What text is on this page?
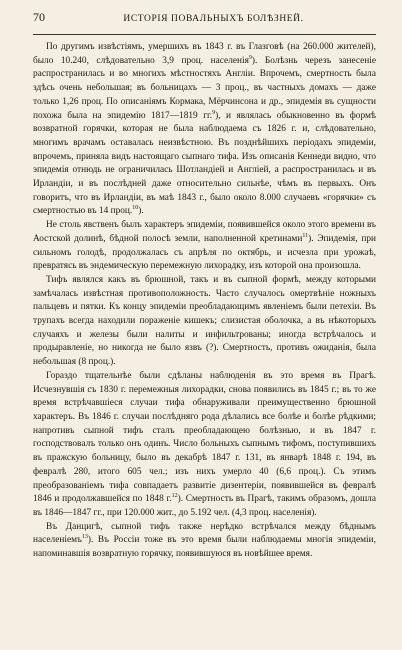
70	ИСТОРІЯ ПОВАЛЬНЫХЪ БОЛѢЗНЕЙ.

По другимъ извѣстіямъ, умершихъ въ 1843 г. въ Глазговѣ (на 260.000 жителей), было 10.240, слѣдовательно 3,9 проц. населенія$^9$). Болѣзнь черезъ занесеніе распространилась и во многихъ мѣстностяхъ Англіи. Впрочемъ, смертность была здѣсь очень небольшая; въ больницахъ — 3 проц., въ частныхъ домахъ — даже только 1,26 проц. По описаніямъ Кормака, Мёрчинсона и др., эпидемія въ сущности похожа была на эпидемію 1817—1819 гг.$^9$), и являлась обыкновенно въ формѣ возвратной горячки, которая не была наблюдаема съ 1826 г. и, слѣдовательно, многимъ врачамъ оставалась неизвѣстною. Въ позднѣйшихъ періодахъ эпидеміи, впрочемъ, приняла видъ настоящаго сыпнаго тифа. Изъ описанія Кеннеди видно, что эпидемія отнюдь не ограничилась Шотландіей и Англіей, а распространилась и въ Ирландіи, и въ послѣдней даже относительно сильнѣе, чѣмъ въ первыхъ. Онъ говоритъ, что въ Ирландіи, въ маѣ 1843 г., было около 8.000 случаевъ «горячки» съ смертностью въ 14 проц.$^{10}$).

Не столь явственъ былъ характеръ эпидеміи, появившейся около этого времени въ Аостской долинѣ, бѣдной полосѣ земли, наполненной кретинами$^{11}$). Эпидемія, при сильномъ голодѣ, продолжалась съ апрѣля по октябрь, и исчезла при урожаѣ, превратясь въ эндемическую перемежную лихорадку, изъ которой она произошла.

Тифъ являлся какъ въ брюшной, такъ и въ сыпной формѣ, между которыми замѣчалась извѣстная противоположность. Часто случалось омертвѣніе ножныхъ пальцевъ и пятки. Къ концу эпидеміи преобладающимъ явленіемъ были петехіи. Въ трупахъ всегда находили пораженіе кишекъ; слизистая оболочка, а въ нѣкоторыхъ случаяхъ и железы были налиты и инфильтрованы; иногда встрѣчалось и продыравленіе, но никогда не было язвъ (?). Смертность, противъ ожиданія, была небольшая (8 проц.).

Гораздо тщательнѣе были сдѣланы наблюденія въ это время въ Прагѣ. Исчезнувшія съ 1830 г. перемежныя лихорадки, снова появились въ 1845 г.; въ то же время встрѣчавшіеся случаи тифа обнаруживали преимущественно брюшной характеръ. Въ 1846 г. случаи послѣдняго рода дѣлались все болѣе и болѣе рѣдкими; напротивъ сыпной тифъ сталъ преобладающею болѣзнью, и въ 1847 г. господствовалъ только онъ одинъ. Число больныхъ сыпнымъ тифомъ, поступившихъ въ пражскую больницу, было въ декабрѣ 1847 г. 131, въ январѣ 1848 г. 194, въ февралѣ 280, итого 605 чел.; изъ нихъ умерло 40 (6,6 проц.). Съ этимъ преобразованіемъ тифа совпадаетъ развитіе дизентеріи, появившейся въ февралѣ 1846 и продолжавшейся по 1848 г.$^{12}$). Смертность въ Прагѣ, такимъ образомъ, дошла въ 1846—1847 гг., при 120.000 жит., до 5.192 чел. (4,3 проц. населенія).

Въ Данцигѣ, сыпной тифъ также нерѣдко встрѣчался между бѣднымъ населеніемъ$^{13}$). Въ Россіи тоже въ это время были наблюдаемы многія эпидеміи, напоминавшія возвратную горячку, появившуюся въ новѣйшее время.
